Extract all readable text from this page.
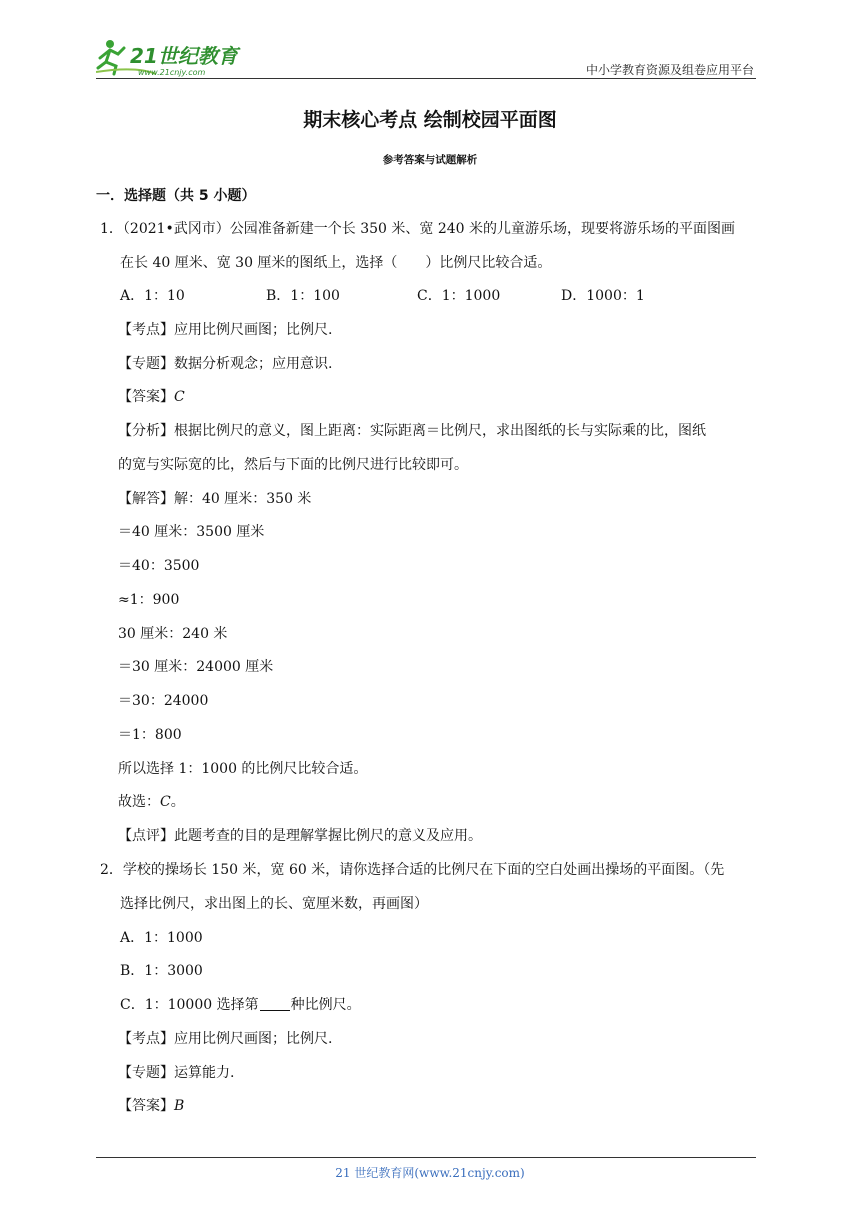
21世纪教育
www.21cnjy.com	中小学教育资源及组卷应用平台
期末核心考点 绘制校园平面图
参考答案与试题解析
一．选择题（共 5 小题）
1．（2021•武冈市）公园准备新建一个长 350 米、宽 240 米的儿童游乐场，现要将游乐场的平面图画
在长 40 厘米、宽 30 厘米的图纸上，选择（　　）比例尺比较合适。
A．1：10	B．1：100	C．1：1000	D．1000：1
【考点】应用比例尺画图；比例尺.
【专题】数据分析观念；应用意识.
【答案】C
【分析】根据比例尺的意义，图上距离：实际距离＝比例尺，求出图纸的长与实际乘的比，图纸
的宽与实际宽的比，然后与下面的比例尺进行比较即可。
【解答】解：40 厘米：350 米
＝40 厘米：3500 厘米
＝40：3500
≈1：900
30 厘米：240 米
＝30 厘米：24000 厘米
＝30：24000
＝1：800
所以选择 1：1000 的比例尺比较合适。
故选：C。
【点评】此题考查的目的是理解掌握比例尺的意义及应用。
2．学校的操场长 150 米，宽 60 米，请你选择合适的比例尺在下面的空白处画出操场的平面图。（先
选择比例尺，求出图上的长、宽厘米数，再画图）
A．1：1000
B．1：3000
C．1：10000 选择第 种比例尺。
【考点】应用比例尺画图；比例尺.
【专题】运算能力.
【答案】B
21 世纪教育网(www.21cnjy.com)
